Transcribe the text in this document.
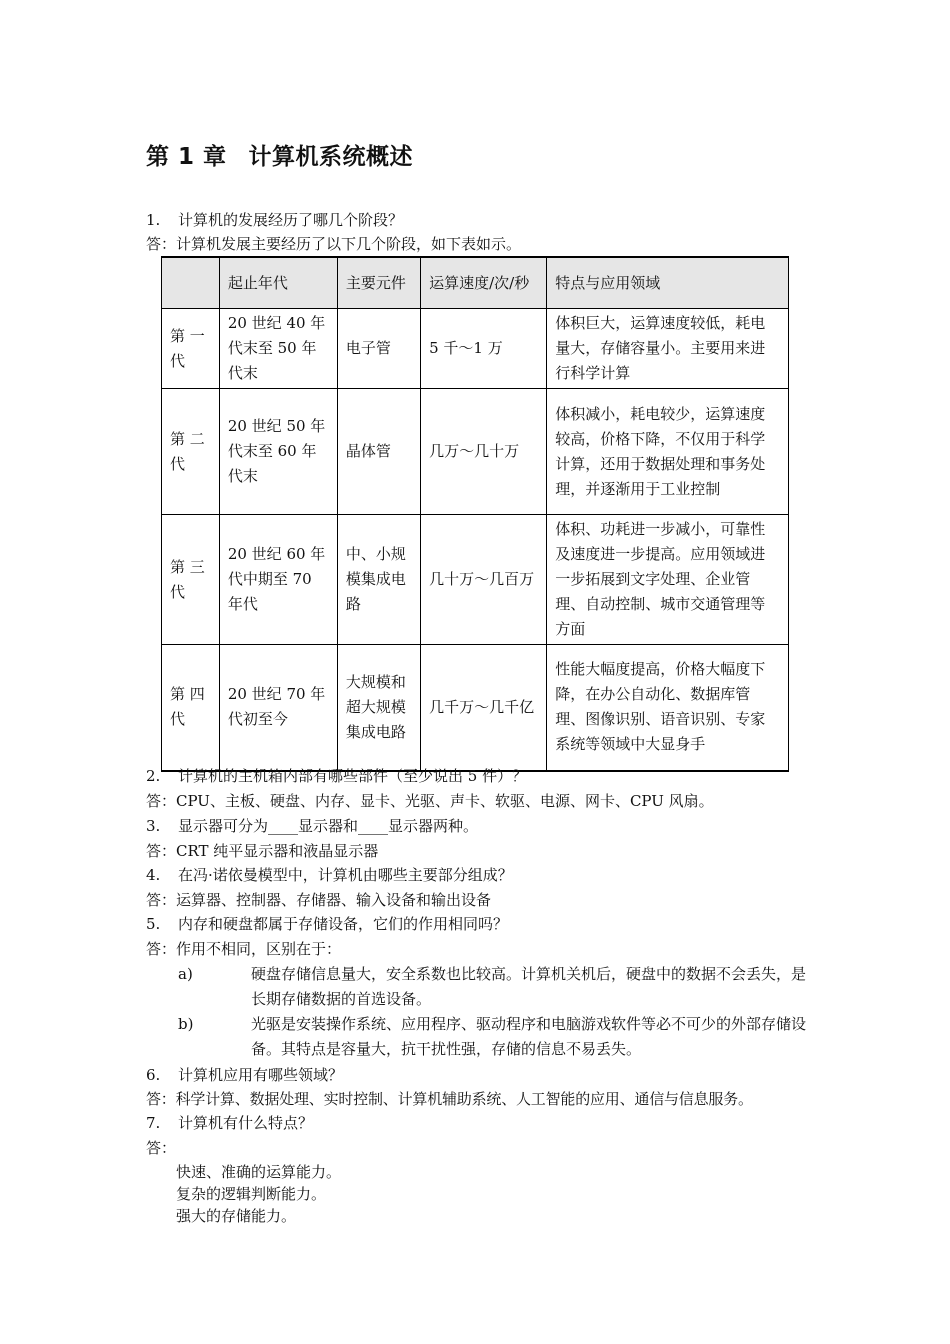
第 1 章 计算机系统概述
1. 计算机的发展经历了哪几个阶段？
答：计算机发展主要经历了以下几个阶段，如下表如示。
	起止年代	主要元件	运算速度/次/秒	特点与应用领域
第 一 代	20 世纪 40 年代末至 50 年代末	电子管	5 千～1 万	体积巨大，运算速度较低，耗电量大，存储容量小。主要用来进行科学计算
第 二 代	20 世纪 50 年代末至 60 年代末	晶体管	几万～几十万	体积减小，耗电较少，运算速度较高，价格下降，不仅用于科学计算，还用于数据处理和事务处理，并逐渐用于工业控制
第 三 代	20 世纪 60 年代中期至 70 年代	中、小规模集成电路	几十万～几百万	体积、功耗进一步减小，可靠性及速度进一步提高。应用领域进一步拓展到文字处理、企业管理、自动控制、城市交通管理等方面
第 四 代	20 世纪 70 年代初至今	大规模和超大规模集成电路	几千万～几千亿	性能大幅度提高，价格大幅度下降，在办公自动化、数据库管理、图像识别、语音识别、专家系统等领域中大显身手
2. 计算机的主机箱内部有哪些部件（至少说出 5 件）？
答：CPU、主板、硬盘、内存、显卡、光驱、声卡、软驱、电源、网卡、CPU 风扇。
3. 显示器可分为____显示器和____显示器两种。
答：CRT 纯平显示器和液晶显示器
4. 在冯·诺依曼模型中，计算机由哪些主要部分组成？
答：运算器、控制器、存储器、输入设备和输出设备
5. 内存和硬盘都属于存储设备，它们的作用相同吗？
答：作用不相同，区别在于：
a)	硬盘存储信息量大，安全系数也比较高。计算机关机后，硬盘中的数据不会丢失，是长期存储数据的首选设备。
b)	光驱是安装操作系统、应用程序、驱动程序和电脑游戏软件等必不可少的外部存储设备。其特点是容量大，抗干扰性强，存储的信息不易丢失。
6. 计算机应用有哪些领域？
答：科学计算、数据处理、实时控制、计算机辅助系统、人工智能的应用、通信与信息服务。
7. 计算机有什么特点？
答：
快速、准确的运算能力。
复杂的逻辑判断能力。
强大的存储能力。
